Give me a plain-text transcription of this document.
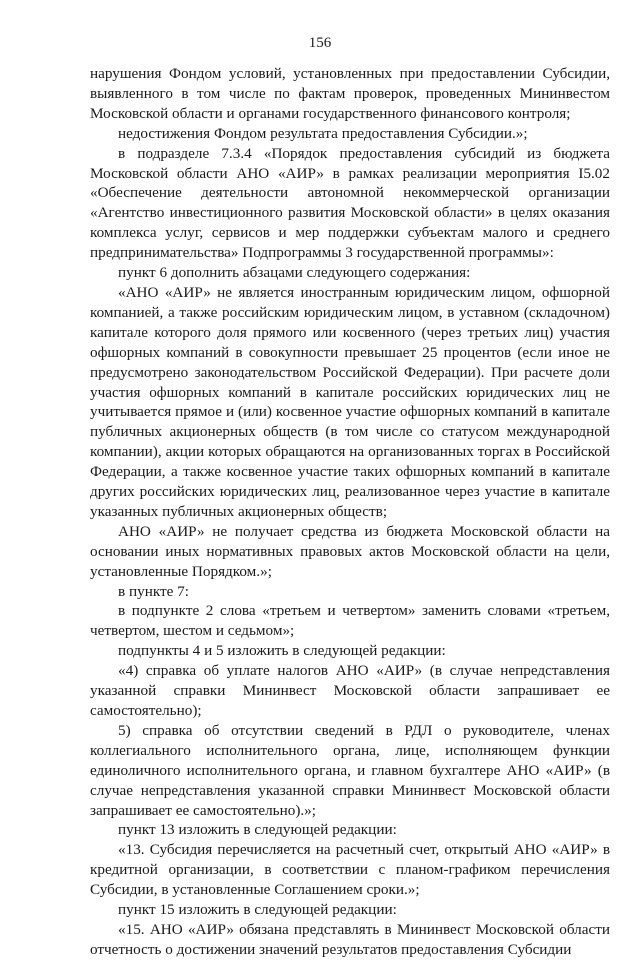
156

нарушения Фондом условий, установленных при предоставлении Субсидии, выявленного в том числе по фактам проверок, проведенных Мининвестом Московской области и органами государственного финансового контроля;

недостижения Фондом результата предоставления Субсидии.»;

в подразделе 7.3.4 «Порядок предоставления субсидий из бюджета Московской области АНО «АИР» в рамках реализации мероприятия I5.02 «Обеспечение деятельности автономной некоммерческой организации «Агентство инвестиционного развития Московской области» в целях оказания комплекса услуг, сервисов и мер поддержки субъектам малого и среднего предпринимательства» Подпрограммы 3 государственной программы»:

пункт 6 дополнить абзацами следующего содержания:

«АНО «АИР» не является иностранным юридическим лицом, офшорной компанией, а также российским юридическим лицом, в уставном (складочном) капитале которого доля прямого или косвенного (через третьих лиц) участия офшорных компаний в совокупности превышает 25 процентов (если иное не предусмотрено законодательством Российской Федерации). При расчете доли участия офшорных компаний в капитале российских юридических лиц не учитывается прямое и (или) косвенное участие офшорных компаний в капитале публичных акционерных обществ (в том числе со статусом международной компании), акции которых обращаются на организованных торгах в Российской Федерации, а также косвенное участие таких офшорных компаний в капитале других российских юридических лиц, реализованное через участие в капитале указанных публичных акционерных обществ;

АНО «АИР» не получает средства из бюджета Московской области на основании иных нормативных правовых актов Московской области на цели, установленные Порядком.»;

в пункте 7:

в подпункте 2 слова «третьем и четвертом» заменить словами «третьем, четвертом, шестом и седьмом»;

подпункты 4 и 5 изложить в следующей редакции:

«4) справка об уплате налогов АНО «АИР» (в случае непредставления указанной справки Мининвест Московской области запрашивает ее самостоятельно);

5) справка об отсутствии сведений в РДЛ о руководителе, членах коллегиального исполнительного органа, лице, исполняющем функции единоличного исполнительного органа, и главном бухгалтере АНО «АИР» (в случае непредставления указанной справки Мининвест Московской области запрашивает ее самостоятельно).»;

пункт 13 изложить в следующей редакции:

«13. Субсидия перечисляется на расчетный счет, открытый АНО «АИР» в кредитной организации, в соответствии с планом-графиком перечисления Субсидии, в установленные Соглашением сроки.»;

пункт 15 изложить в следующей редакции:

«15. АНО «АИР» обязана представлять в Мининвест Московской области отчетность о достижении значений результатов предоставления Субсидии
